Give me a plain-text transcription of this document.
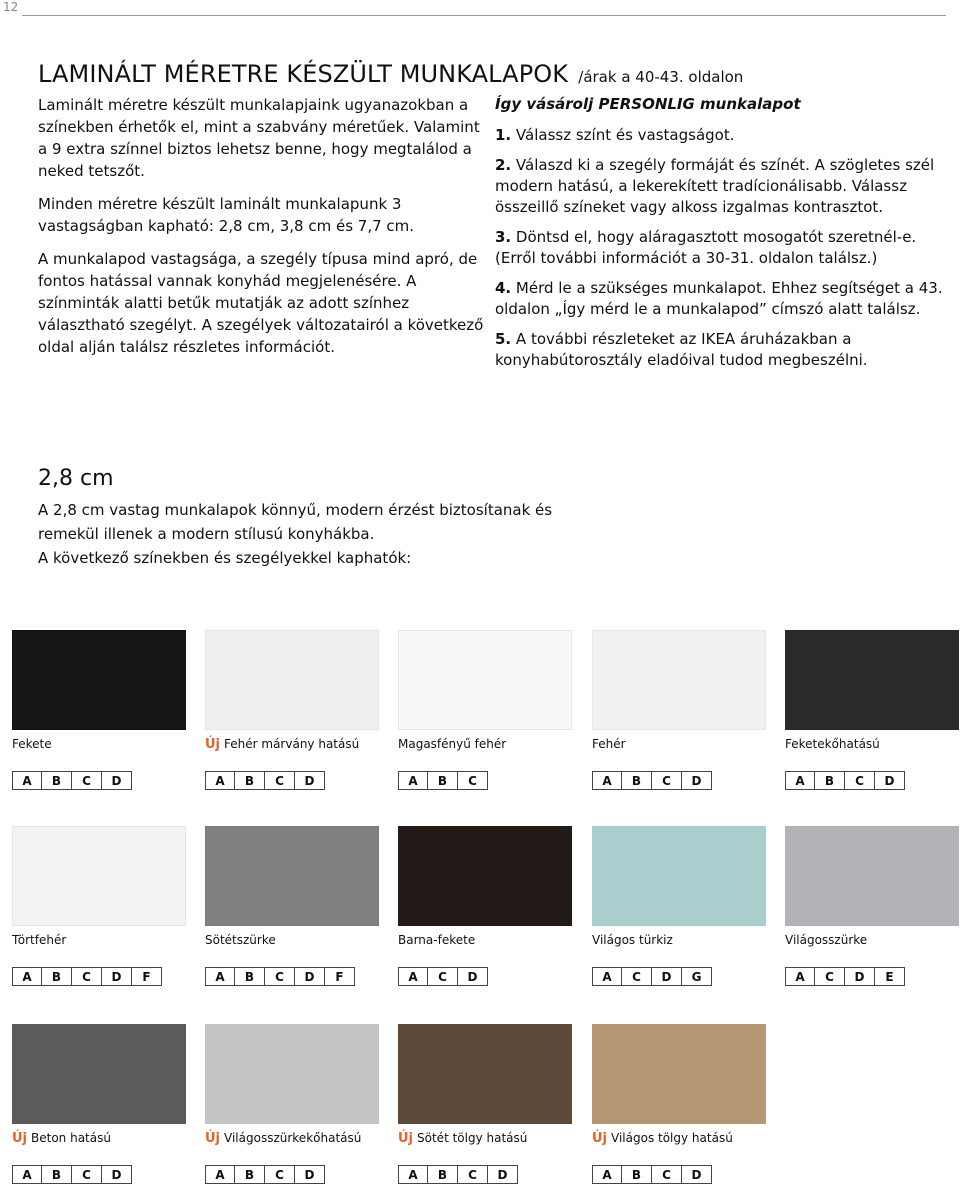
12
LAMINÁLT MÉRETRE KÉSZÜLT MUNKALAPOK /árak a 40-43. oldalon

Laminált méretre készült munkalapjaink ugyanazokban a színekben érhetők el, mint a szabvány méretűek. Valamint a 9 extra színnel biztos lehetsz benne, hogy megtalálod a neked tetszőt.

Minden méretre készült laminált munkalapunk 3 vastagságban kapható: 2,8 cm, 3,8 cm és 7,7 cm.

A munkalapod vastagsága, a szegély típusa mind apró, de fontos hatással vannak konyhád megjelenésére. A színminták alatti betűk mutatják az adott színhez választható szegélyt. A szegélyek változatairól a következő oldal alján találsz részletes információt.

Így vásárolj PERSONLIG munkalapot

1. Válassz színt és vastagságot.

2. Válaszd ki a szegély formáját és színét. A szögletes szél modern hatású, a lekerekített tradícionálisabb. Válassz összeillő színeket vagy alkoss izgalmas kontrasztot.

3. Döntsd el, hogy aláragasztott mosogatót szeretnél-e. (Erről további információt a 30-31. oldalon találsz.)

4. Mérd le a szükséges munkalapot. Ehhez segítséget a 43. oldalon „Így mérd le a munkalapod” címszó alatt találsz.

5. A további részleteket az IKEA áruházakban a konyhabútorosztály eladóival tudod megbeszélni.

2,8 cm

A 2,8 cm vastag munkalapok könnyű, modern érzést biztosítanak és remekül illenek a modern stílusú konyhákba.

A következő színekben és szegélyekkel kaphatók:

Fekete
A	B	C	D
Új Fehér márvány hatású
A	B	C	D
Magasfényű fehér
A	B	C
Fehér
A	B	C	D
Feketekőhatású
A	B	C	D
Törtfehér
A	B	C	D	F
Sötétszürke
A	B	C	D	F
Barna-fekete
A	C	D
Világos türkiz
A	C	D	G
Világosszürke
A	C	D	E
Új Beton hatású
A	B	C	D
Új Világosszürkekőhatású
A	B	C	D
Új Sötét tölgy hatású
A	B	C	D
Új Világos tölgy hatású
A	B	C	D
